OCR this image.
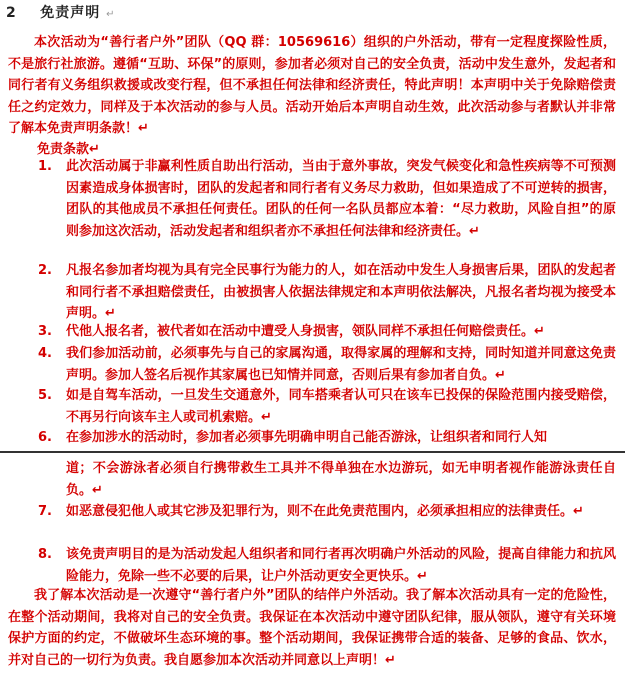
2 免责声明 ↵

本次活动为“善行者户外”团队（QQ 群：10569616）组织的户外活动，带有一定程度探险性质，不是旅行社旅游。遵循“互助、环保”的原则，参加者必须对自己的安全负责，活动中发生意外，发起者和同行者有义务组织救援或改变行程，但不承担任何法律和经济责任，特此声明！本声明中关于免除赔偿责任之约定效力，同样及于本次活动的参与人员。活动开始后本声明自动生效，此次活动参与者默认并非常了解本免责声明条款！↵

免责条款↵

1.	此次活动属于非赢利性质自助出行活动，当由于意外事故，突发气候变化和急性疾病等不可预测因素造成身体损害时，团队的发起者和同行者有义务尽力救助，但如果造成了不可逆转的损害，团队的其他成员不承担任何责任。团队的任何一名队员都应本着：“尽力救助，风险自担”的原则参加这次活动，活动发起者和组织者亦不承担任何法律和经济责任。↵
2.	凡报名参加者均视为具有完全民事行为能力的人，如在活动中发生人身损害后果，团队的发起者和同行者不承担赔偿责任，由被损害人依据法律规定和本声明依法解决，凡报名者均视为接受本声明。↵
3.	代他人报名者，被代者如在活动中遭受人身损害，领队同样不承担任何赔偿责任。↵
4.	我们参加活动前，必须事先与自己的家属沟通，取得家属的理解和支持，同时知道并同意这免责声明。参加人签名后视作其家属也已知情并同意，否则后果有参加者自负。↵
5.	如是自驾车活动，一旦发生交通意外，同车搭乘者认可只在该车已投保的保险范围内接受赔偿，不再另行向该车主人或司机索赔。↵
6.	在参加涉水的活动时，参加者必须事先明确申明自己能否游泳，让组织者和同行人知
道；不会游泳者必须自行携带救生工具并不得单独在水边游玩，如无申明者视作能游泳责任自负。↵
7.	如恶意侵犯他人或其它涉及犯罪行为，则不在此免责范围内，必须承担相应的法律责任。↵
8.	该免责声明目的是为活动发起人组织者和同行者再次明确户外活动的风险，提高自律能力和抗风险能力，免除一些不必要的后果，让户外活动更安全更快乐。↵

我了解本次活动是一次遵守“善行者户外”团队的结伴户外活动。我了解本次活动具有一定的危险性，在整个活动期间，我将对自己的安全负责。我保证在本次活动中遵守团队纪律，服从领队，遵守有关环境保护方面的约定，不做破坏生态环境的事。整个活动期间，我保证携带合适的装备、足够的食品、饮水，并对自己的一切行为负责。我自愿参加本次活动并同意以上声明！↵
